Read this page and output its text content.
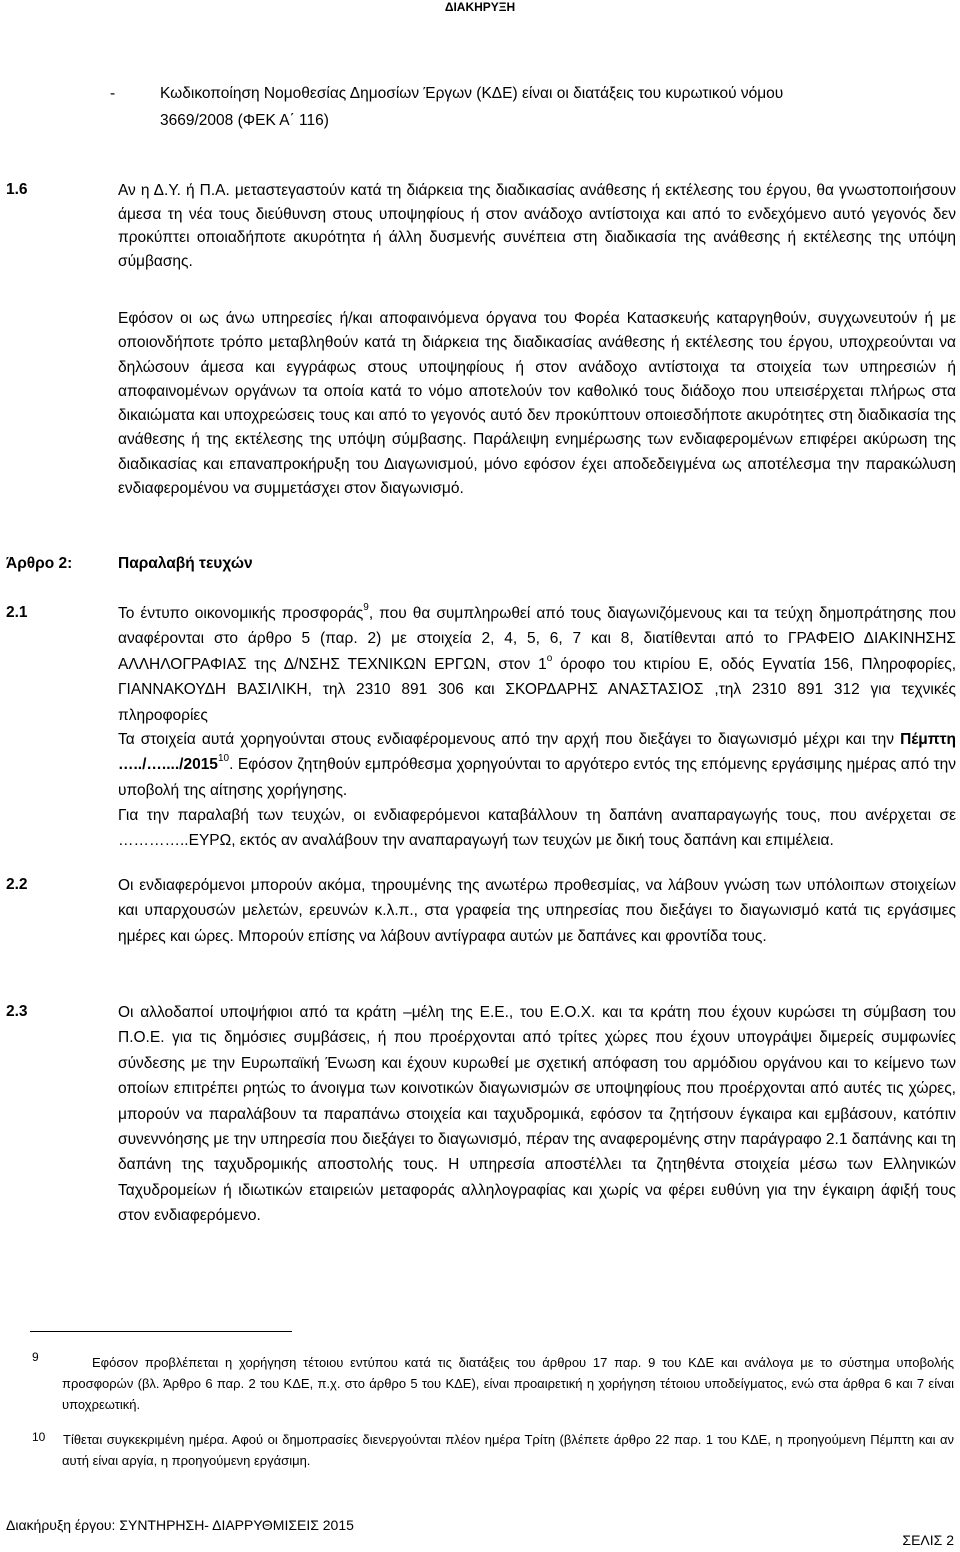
ΔΙΑΚΗΡΥΞΗ
-	Κωδικοποίηση Νομοθεσίας Δημοσίων Έργων (ΚΔΕ) είναι οι διατάξεις του κυρωτικού νόμου
3669/2008 (ΦΕΚ Α΄ 116)
1.6	Αν η Δ.Υ. ή Π.Α. μεταστεγαστούν κατά τη διάρκεια της διαδικασίας ανάθεσης ή εκτέλεσης του έργου, θα γνωστοποιήσουν άμεσα τη νέα τους διεύθυνση στους υποψηφίους ή στον ανάδοχο αντίστοιχα και από το ενδεχόμενο αυτό γεγονός δεν προκύπτει οποιαδήποτε ακυρότητα ή άλλη δυσμενής συνέπεια στη διαδικασία της ανάθεσης ή εκτέλεσης της υπόψη σύμβασης.

Εφόσον οι ως άνω υπηρεσίες ή/και αποφαινόμενα όργανα του Φορέα Κατασκευής καταργηθούν, συγχωνευτούν ή με οποιονδήποτε τρόπο μεταβληθούν κατά τη διάρκεια της διαδικασίας ανάθεσης ή εκτέλεσης του έργου, υποχρεούνται να δηλώσουν άμεσα και εγγράφως στους υποψηφίους ή στον ανάδοχο αντίστοιχα τα στοιχεία των υπηρεσιών ή αποφαινομένων οργάνων τα οποία κατά το νόμο αποτελούν τον καθολικό τους διάδοχο που υπεισέρχεται πλήρως στα δικαιώματα και υποχρεώσεις τους και από το γεγονός αυτό δεν προκύπτουν οποιεσδήποτε ακυρότητες στη διαδικασία της ανάθεσης ή της εκτέλεσης της υπόψη σύμβασης. Παράλειψη ενημέρωσης των ενδιαφερομένων επιφέρει ακύρωση της διαδικασίας και επαναπροκήρυξη του Διαγωνισμού, μόνο εφόσον έχει αποδεδειγμένα ως αποτέλεσμα την παρακώλυση ενδιαφερομένου να συμμετάσχει στον διαγωνισμό.

Άρθρο 2:	Παραλαβή τευχών
2.1	Το έντυπο οικονομικής προσφοράς$^9$, που θα συμπληρωθεί από τους διαγωνιζόμενους και τα τεύχη δημοπράτησης που αναφέρονται στο άρθρο 5 (παρ. 2) με στοιχεία 2, 4, 5, 6, 7 και 8, διατίθενται από το ΓΡΑΦΕΙΟ ΔΙΑΚΙΝΗΣΗΣ ΑΛΛΗΛΟΓΡΑΦΙΑΣ της Δ/ΝΣΗΣ ΤΕΧΝΙΚΩΝ ΕΡΓΩΝ, στον $1^o$ όροφο του κτιρίου Ε, οδός Εγνατία 156, Πληροφορίες, ΓΙΑΝΝΑΚΟΥΔΗ ΒΑΣΙΛΙΚΗ, τηλ 2310 891 306 και ΣΚΟΡΔΑΡΗΣ ΑΝΑΣΤΑΣΙΟΣ ,τηλ 2310 891 312 για τεχνικές πληροφορίες

Τα στοιχεία αυτά χορηγούνται στους ενδιαφέρομενους από την αρχή που διεξάγει το διαγωνισμό μέχρι και την Πέμπτη …../…..../2015$^{10}$. Εφόσον ζητηθούν εμπρόθεσμα χορηγούνται το αργότερο εντός της επόμενης εργάσιμης ημέρας από την υποβολή της αίτησης χορήγησης.

Για την παραλαβή των τευχών, οι ενδιαφερόμενοι καταβάλλουν τη δαπάνη αναπαραγωγής τους, που ανέρχεται σε …………..ΕΥΡΩ, εκτός αν αναλάβουν την αναπαραγωγή των τευχών με δική τους δαπάνη και επιμέλεια.

2.2	Οι ενδιαφερόμενοι μπορούν ακόμα, τηρουμένης της ανωτέρω προθεσμίας, να λάβουν γνώση των υπόλοιπων στοιχείων και υπαρχουσών μελετών, ερευνών κ.λ.π., στα γραφεία της υπηρεσίας που διεξάγει το διαγωνισμό κατά τις εργάσιμες ημέρες και ώρες. Μπορούν επίσης να λάβουν αντίγραφα αυτών με δαπάνες και φροντίδα τους.

2.3	Οι αλλοδαποί υποψήφιοι από τα κράτη –μέλη της Ε.Ε., του Ε.Ο.Χ. και τα κράτη που έχουν κυρώσει τη σύμβαση του Π.Ο.Ε. για τις δημόσιες συμβάσεις, ή που προέρχονται από τρίτες χώρες που έχουν υπογράψει διμερείς συμφωνίες σύνδεσης με την Ευρωπαϊκή Ένωση και έχουν κυρωθεί με σχετική απόφαση του αρμόδιου οργάνου και το κείμενο των οποίων επιτρέπει ρητώς το άνοιγμα των κοινοτικών διαγωνισμών σε υποψηφίους που προέρχονται από αυτές τις χώρες, μπορούν να παραλάβουν τα παραπάνω στοιχεία και ταχυδρομικά, εφόσον τα ζητήσουν έγκαιρα και εμβάσουν, κατόπιν συνεννόησης με την υπηρεσία που διεξάγει το διαγωνισμό, πέραν της αναφερομένης στην παράγραφο 2.1 δαπάνης και τη δαπάνη της ταχυδρομικής αποστολής τους. Η υπηρεσία αποστέλλει τα ζητηθέντα στοιχεία μέσω των Ελληνικών Ταχυδρομείων ή ιδιωτικών εταιρειών μεταφοράς αλληλογραφίας και χωρίς να φέρει ευθύνη για την έγκαιρη άφιξή τους στον ενδιαφερόμενο.

9	Εφόσον προβλέπεται η χορήγηση τέτοιου εντύπου κατά τις διατάξεις του άρθρου 17 παρ. 9 του ΚΔΕ και ανάλογα με το σύστημα υποβολής προσφορών (βλ. Άρθρο 6 παρ. 2 του ΚΔΕ, π.χ. στο άρθρο 5 του ΚΔΕ), είναι προαιρετική η χορήγηση τέτοιου υποδείγματος, ενώ στα άρθρα 6 και 7 είναι υποχρεωτική.

10 Τίθεται συγκεκριμένη ημέρα. Αφού οι δημοπρασίες διενεργούνται πλέον ημέρα Τρίτη (βλέπετε άρθρο 22 παρ. 1 του ΚΔΕ, η προηγούμενη Πέμπτη και αν αυτή είναι αργία, η προηγούμενη εργάσιμη.

Διακήρυξη έργου: ΣΥΝΤΗΡΗΣΗ- ΔΙΑΡΡΥΘΜΙΣΕΙΣ 2015
ΣΕΛΙΣ 2
